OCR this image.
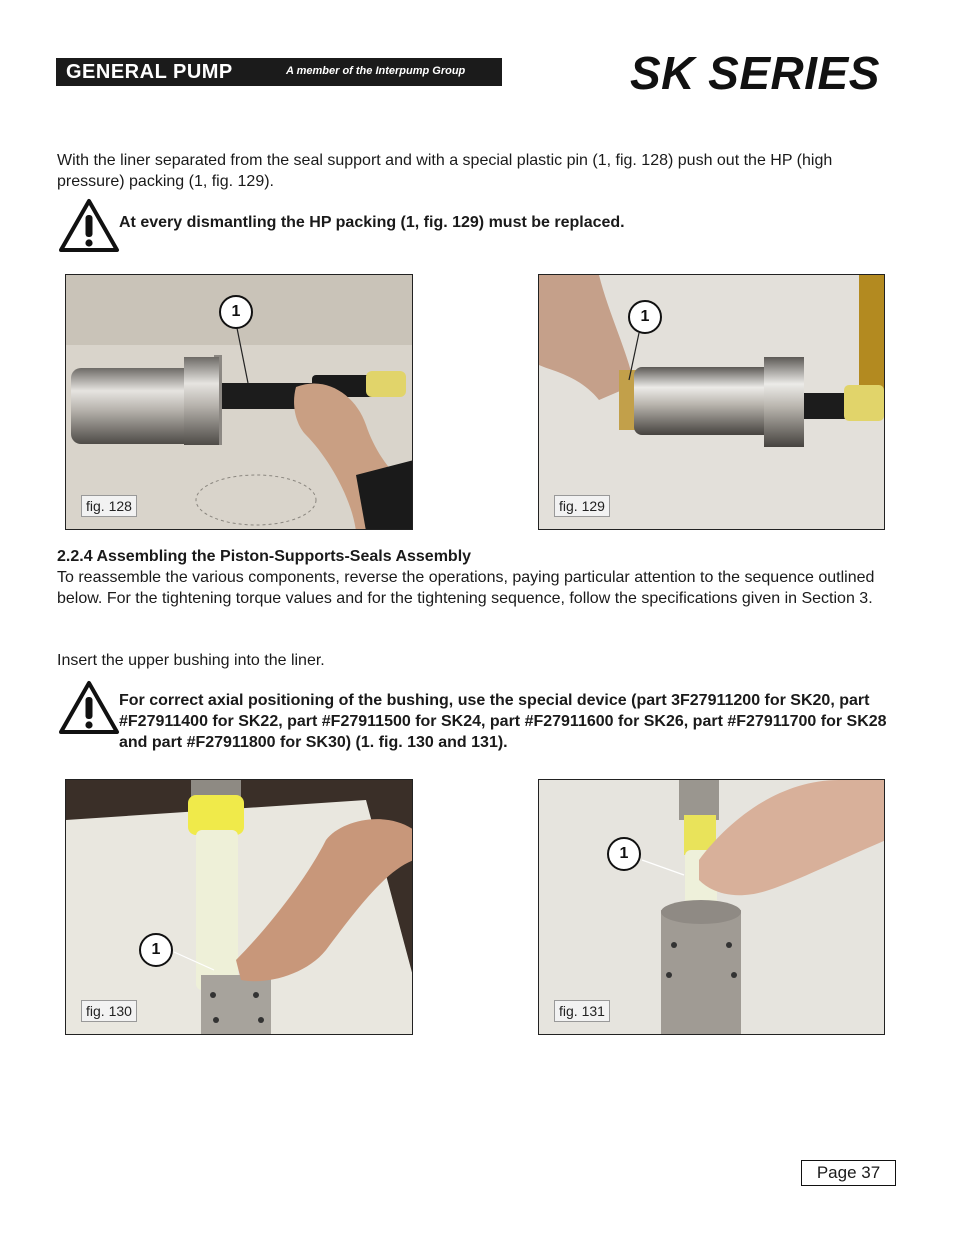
GENERAL PUMP	A member of the Interpump Group	SK SERIES
With the liner separated from the seal support and with a special plastic pin (1, fig. 128) push out the HP (high pressure) packing (1, fig. 129).
At every dismantling the HP packing (1, fig. 129) must be replaced.
1
fig. 128
1
fig. 129
2.2.4 Assembling the Piston-Supports-Seals Assembly
To reassemble the various components, reverse the operations, paying particular attention to the sequence outlined below. For the tightening torque values and for the tightening sequence, follow the specifications given in Section 3.
Insert the upper bushing into the liner.
For correct axial positioning of the bushing, use the special device (part 3F27911200 for SK20, part #F27911400 for SK22, part #F27911500 for SK24, part #F27911600 for SK26, part #F27911700 for SK28 and part #F27911800 for SK30) (1. fig. 130 and 131).
1
fig. 130
1
fig. 131
Page 37
